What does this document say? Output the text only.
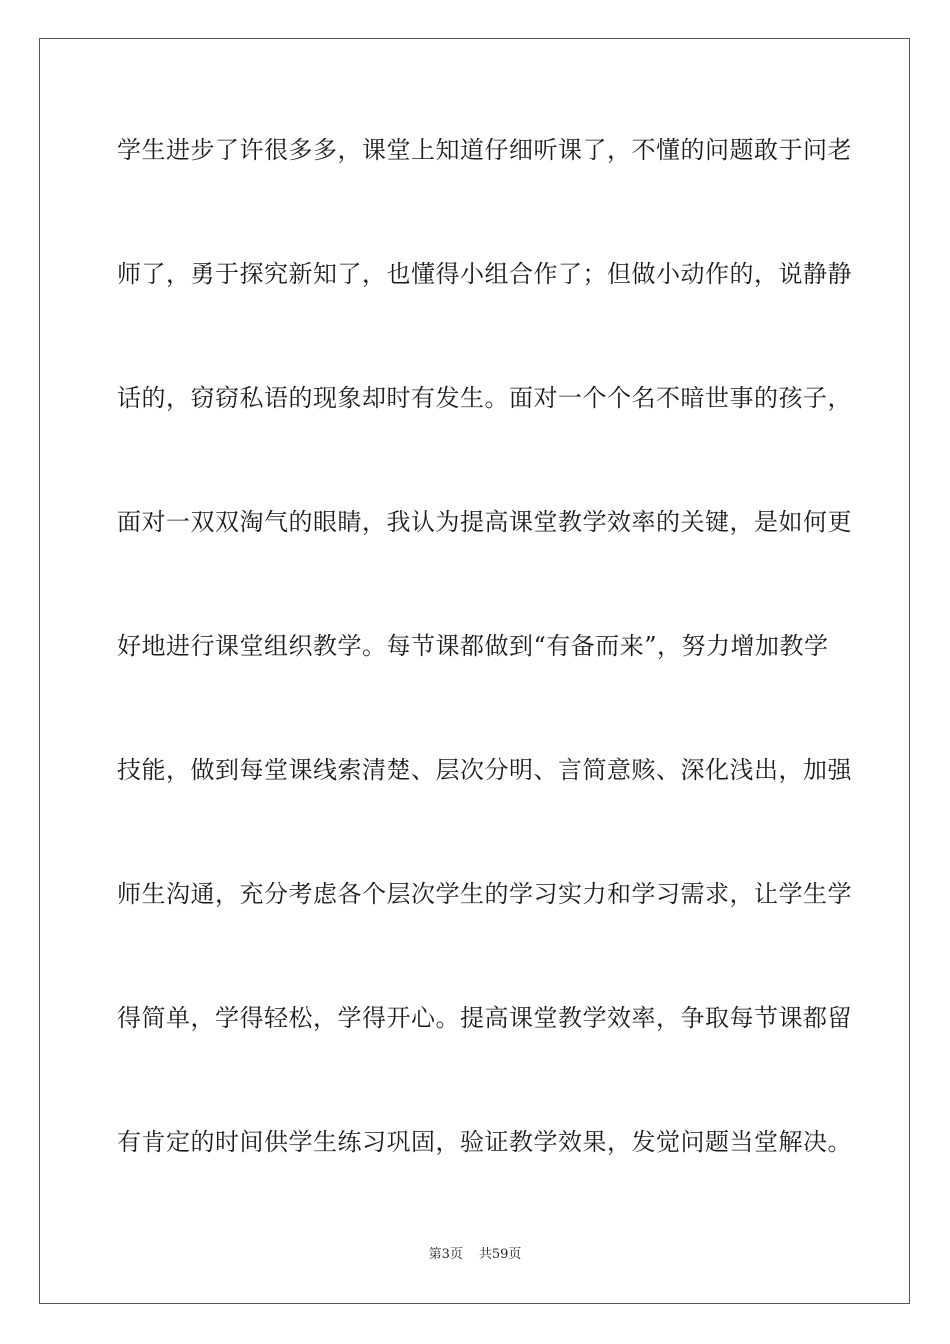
学生进步了许很多多，课堂上知道仔细听课了，不懂的问题敢于问老
师了，勇于探究新知了，也懂得小组合作了；但做小动作的，说静静
话的，窃窃私语的现象却时有发生。面对一个个名不暗世事的孩子，
面对一双双淘气的眼睛，我认为提高课堂教学效率的关键，是如何更
好地进行课堂组织教学。每节课都做到“有备而来”，努力增加教学
技能，做到每堂课线索清楚、层次分明、言简意赅、深化浅出，加强
师生沟通，充分考虑各个层次学生的学习实力和学习需求，让学生学
得简单，学得轻松，学得开心。提高课堂教学效率，争取每节课都留
有肯定的时间供学生练习巩固，验证教学效果，发觉问题当堂解决。
第3页 共59页
